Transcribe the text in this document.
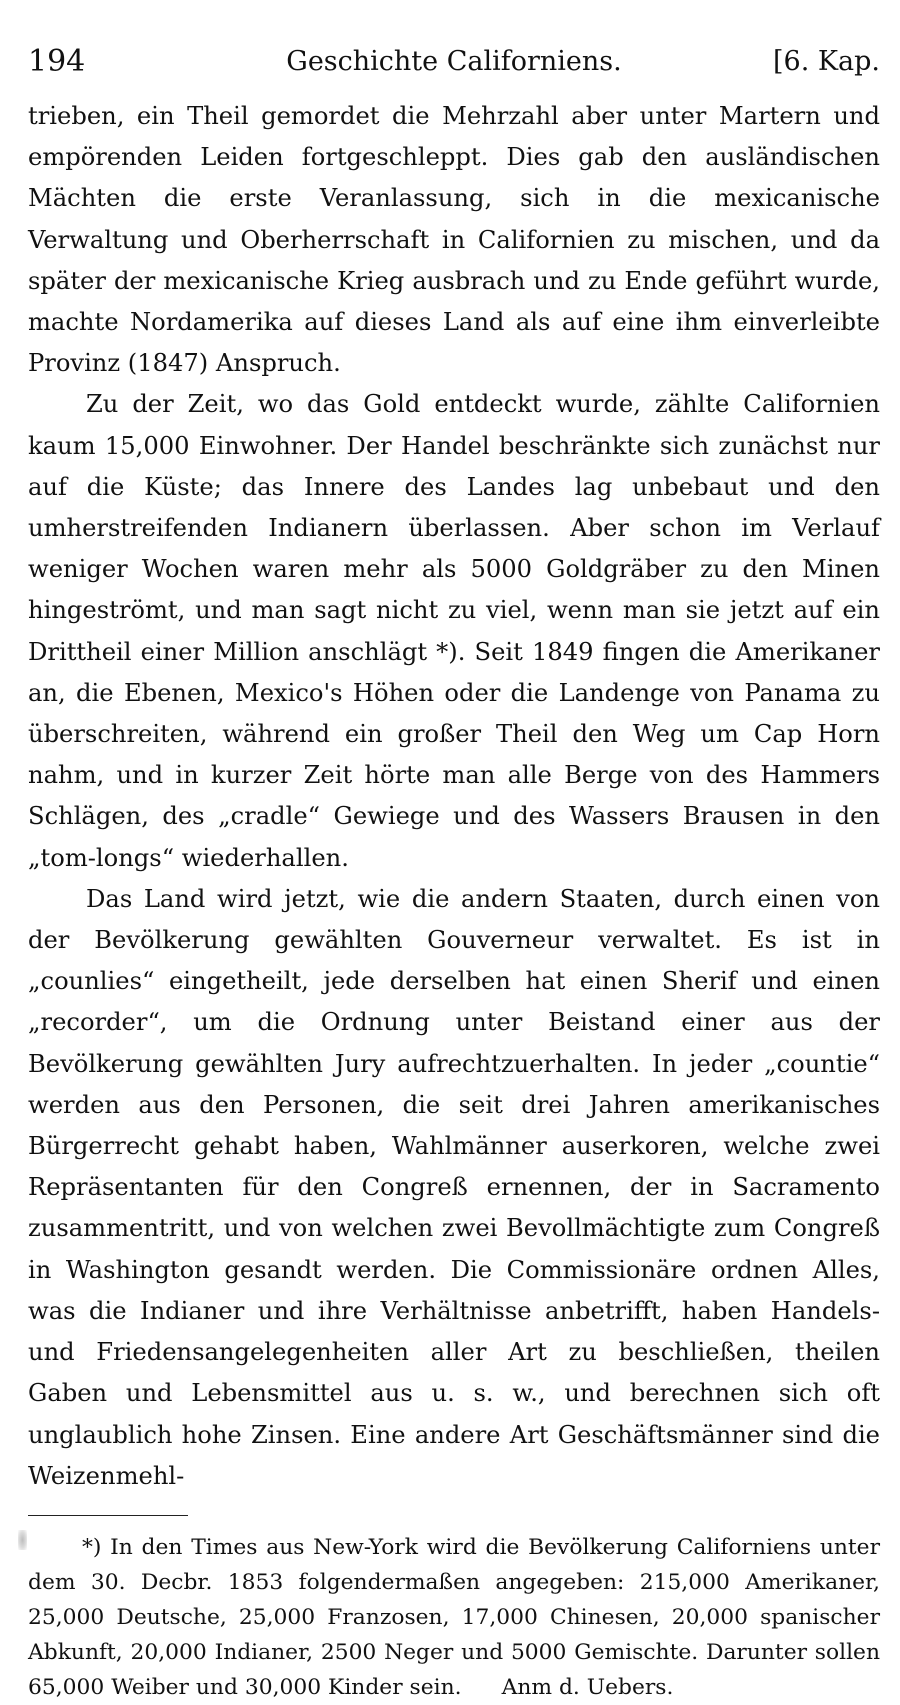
194	Geschichte Californiens.	[6. Kap.

trieben, ein Theil gemordet die Mehrzahl aber unter Martern und empörenden Leiden fortgeschleppt. Dies gab den ausländischen Mächten die erste Veranlassung, sich in die mexicanische Verwaltung und Oberherrschaft in Californien zu mischen, und da später der mexicanische Krieg ausbrach und zu Ende geführt wurde, machte Nordamerika auf dieses Land als auf eine ihm einverleibte Provinz (1847) Anspruch.

Zu der Zeit, wo das Gold entdeckt wurde, zählte Californien kaum 15,000 Einwohner. Der Handel beschränkte sich zunächst nur auf die Küste; das Innere des Landes lag unbebaut und den umherstreifenden Indianern überlassen. Aber schon im Verlauf weniger Wochen waren mehr als 5000 Goldgräber zu den Minen hingeströmt, und man sagt nicht zu viel, wenn man sie jetzt auf ein Drittheil einer Million anschlägt *). Seit 1849 fingen die Amerikaner an, die Ebenen, Mexico's Höhen oder die Landenge von Panama zu überschreiten, während ein großer Theil den Weg um Cap Horn nahm, und in kurzer Zeit hörte man alle Berge von des Hammers Schlägen, des „cradle“ Gewiege und des Wassers Brausen in den „tom-longs“ wiederhallen.

Das Land wird jetzt, wie die andern Staaten, durch einen von der Bevölkerung gewählten Gouverneur verwaltet. Es ist in „counlies“ eingetheilt, jede derselben hat einen Sherif und einen „recorder“, um die Ordnung unter Beistand einer aus der Bevölkerung gewählten Jury aufrechtzuerhalten. In jeder „countie“ werden aus den Personen, die seit drei Jahren amerikanisches Bürgerrecht gehabt haben, Wahlmänner auserkoren, welche zwei Repräsentanten für den Congreß ernennen, der in Sacramento zusammentritt, und von welchen zwei Bevollmächtigte zum Congreß in Washington gesandt werden. Die Commissionäre ordnen Alles, was die Indianer und ihre Verhältnisse anbetrifft, haben Handels- und Friedensangelegenheiten aller Art zu beschließen, theilen Gaben und Lebensmittel aus u. s. w., und berechnen sich oft unglaublich hohe Zinsen. Eine andere Art Geschäftsmänner sind die Weizenmehl-

*) In den Times aus New-York wird die Bevölkerung Californiens unter dem 30. Decbr. 1853 folgendermaßen angegeben: 215,000 Amerikaner, 25,000 Deutsche, 25,000 Franzosen, 17,000 Chinesen, 20,000 spanischer Abkunft, 20,000 Indianer, 2500 Neger und 5000 Gemischte. Darunter sollen 65,000 Weiber und 30,000 Kinder sein. Anm d. Uebers.
